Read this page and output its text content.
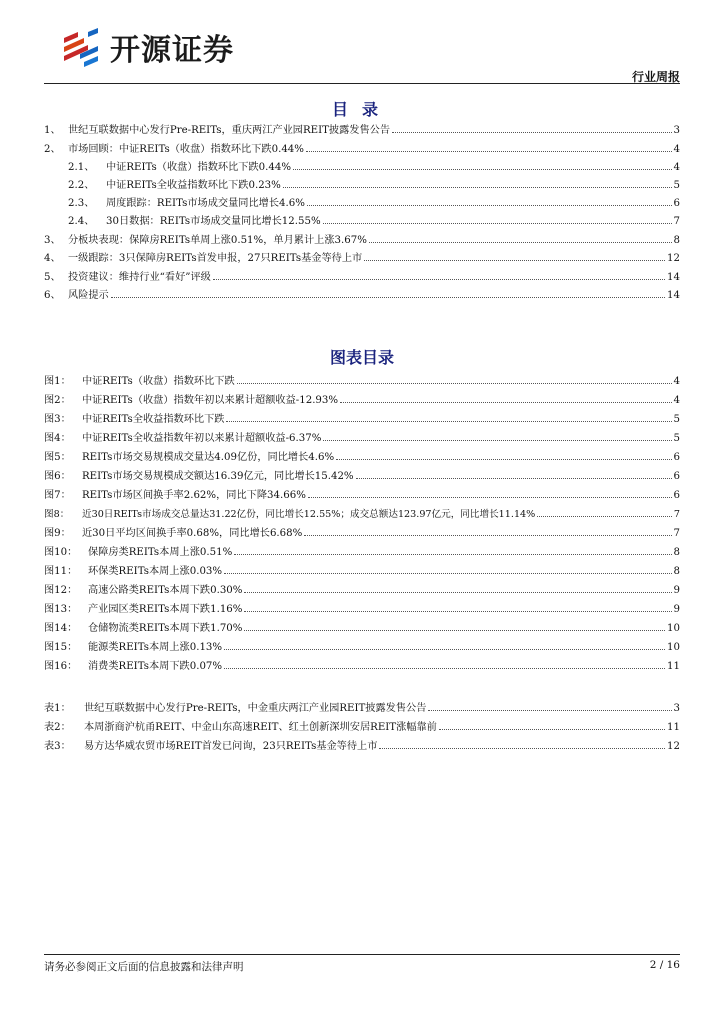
开源证券
行业周报
目录
1、 世纪互联数据中心发行Pre-REITs，重庆两江产业园REIT披露发售公告	3
2、 市场回顾：中证REITs（收盘）指数环比下跌0.44%	4
2.1、	中证REITs（收盘）指数环比下跌0.44%	4
2.2、	中证REITs全收益指数环比下跌0.23%	5
2.3、	周度跟踪：REITs市场成交量同比增长4.6%	6
2.4、	30日数据：REITs市场成交量同比增长12.55%	7
3、 分板块表现：保障房REITs单周上涨0.51%，单月累计上涨3.67%	8
4、 一级跟踪：3只保障房REITs首发申报，27只REITs基金等待上市	12
5、 投资建议：维持行业“看好”评级	14
6、 风险提示	14
图表目录
图1：	中证REITs（收盘）指数环比下跌	4
图2：	中证REITs（收盘）指数年初以来累计超额收益-12.93%	4
图3：	中证REITs全收益指数环比下跌	5
图4：	中证REITs全收益指数年初以来累计超额收益-6.37%	5
图5：	REITs市场交易规模成交量达4.09亿份，同比增长4.6%	6
图6：	REITs市场交易规模成交额达16.39亿元，同比增长15.42%	6
图7：	REITs市场区间换手率2.62%，同比下降34.66%	6
图8：	近30日REITs市场成交总量达31.22亿份，同比增长12.55%；成交总额达123.97亿元，同比增长11.14%	7
图9：	近30日平均区间换手率0.68%，同比增长6.68%	7
图10：	保障房类REITs本周上涨0.51%	8
图11：	环保类REITs本周上涨0.03%	8
图12：	高速公路类REITs本周下跌0.30%	9
图13：	产业园区类REITs本周下跌1.16%	9
图14：	仓储物流类REITs本周下跌1.70%	10
图15：	能源类REITs本周上涨0.13%	10
图16：	消费类REITs本周下跌0.07%	11
表1：	世纪互联数据中心发行Pre-REITs，中金重庆两江产业园REIT披露发售公告	3
表2：	本周浙商沪杭甬REIT、中金山东高速REIT、红土创新深圳安居REIT涨幅靠前	11
表3：	易方达华威农贸市场REIT首发已问询，23只REITs基金等待上市	12
请务必参阅正文后面的信息披露和法律声明	2 / 16
